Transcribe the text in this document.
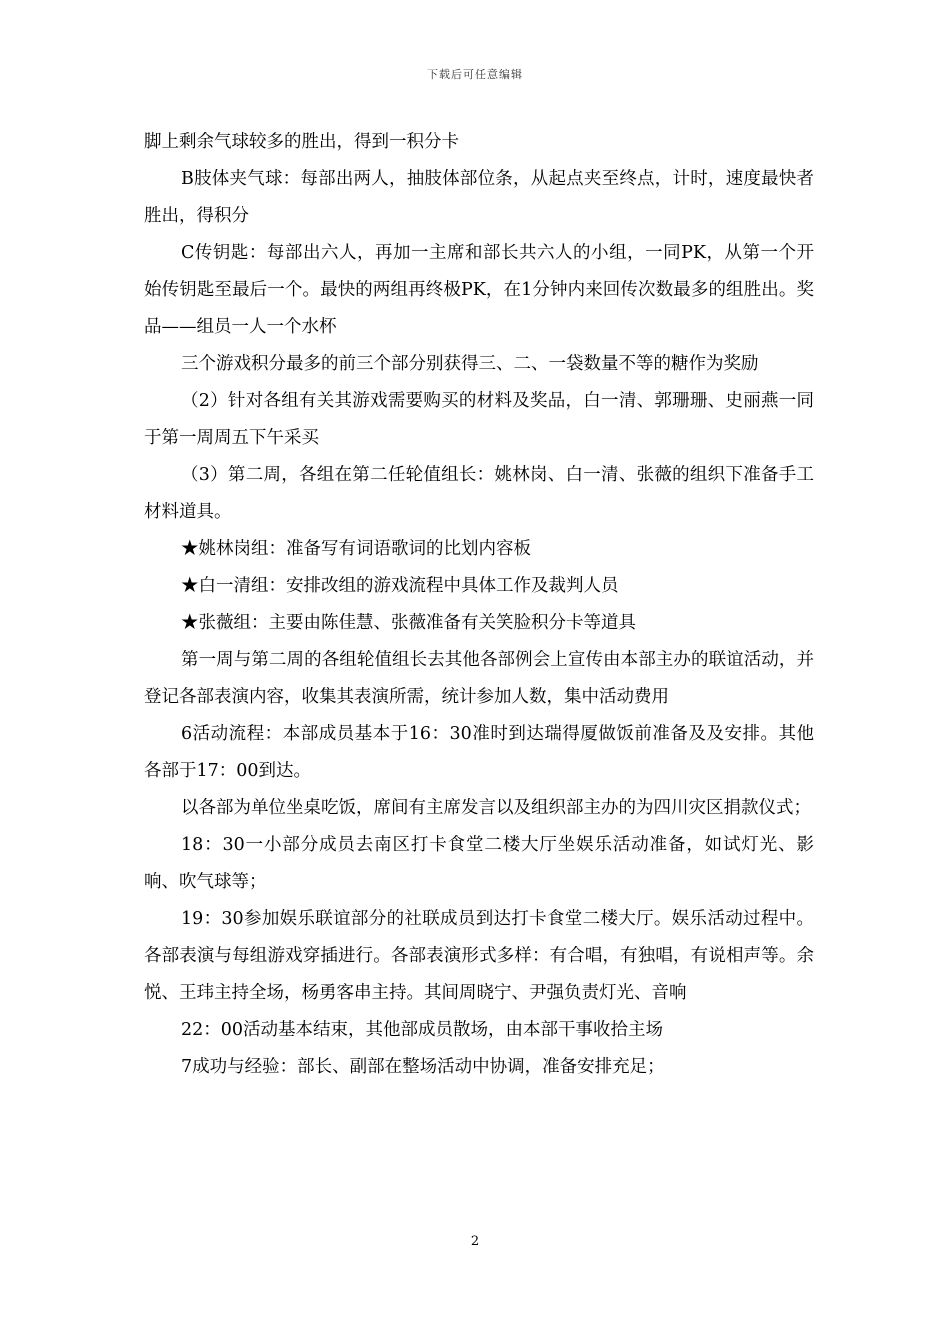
下载后可任意编辑

脚上剩余气球较多的胜出，得到一积分卡

B肢体夹气球：每部出两人，抽肢体部位条，从起点夹至终点，计时，速度最快者胜出，得积分

C传钥匙：每部出六人，再加一主席和部长共六人的小组，一同PK，从第一个开始传钥匙至最后一个。最快的两组再终极PK，在1分钟内来回传次数最多的组胜出。奖品——组员一人一个水杯

三个游戏积分最多的前三个部分别获得三、二、一袋数量不等的糖作为奖励

（2）针对各组有关其游戏需要购买的材料及奖品，白一清、郭珊珊、史丽燕一同于第一周周五下午采买

（3）第二周，各组在第二任轮值组长：姚林岗、白一清、张薇的组织下准备手工材料道具。

★姚林岗组：准备写有词语歌词的比划内容板

★白一清组：安排改组的游戏流程中具体工作及裁判人员

★张薇组：主要由陈佳慧、张薇准备有关笑脸积分卡等道具

第一周与第二周的各组轮值组长去其他各部例会上宣传由本部主办的联谊活动，并登记各部表演内容，收集其表演所需，统计参加人数，集中活动费用

6活动流程：本部成员基本于16：30准时到达瑞得厦做饭前准备及及安排。其他各部于17：00到达。

以各部为单位坐桌吃饭，席间有主席发言以及组织部主办的为四川灾区捐款仪式；

18：30一小部分成员去南区打卡食堂二楼大厅坐娱乐活动准备，如试灯光、影响、吹气球等；

19：30参加娱乐联谊部分的社联成员到达打卡食堂二楼大厅。娱乐活动过程中。各部表演与每组游戏穿插进行。各部表演形式多样：有合唱，有独唱，有说相声等。余悦、王玮主持全场，杨勇客串主持。其间周晓宁、尹强负责灯光、音响

22：00活动基本结束，其他部成员散场，由本部干事收拾主场

7成功与经验：部长、副部在整场活动中协调，准备安排充足；

2
